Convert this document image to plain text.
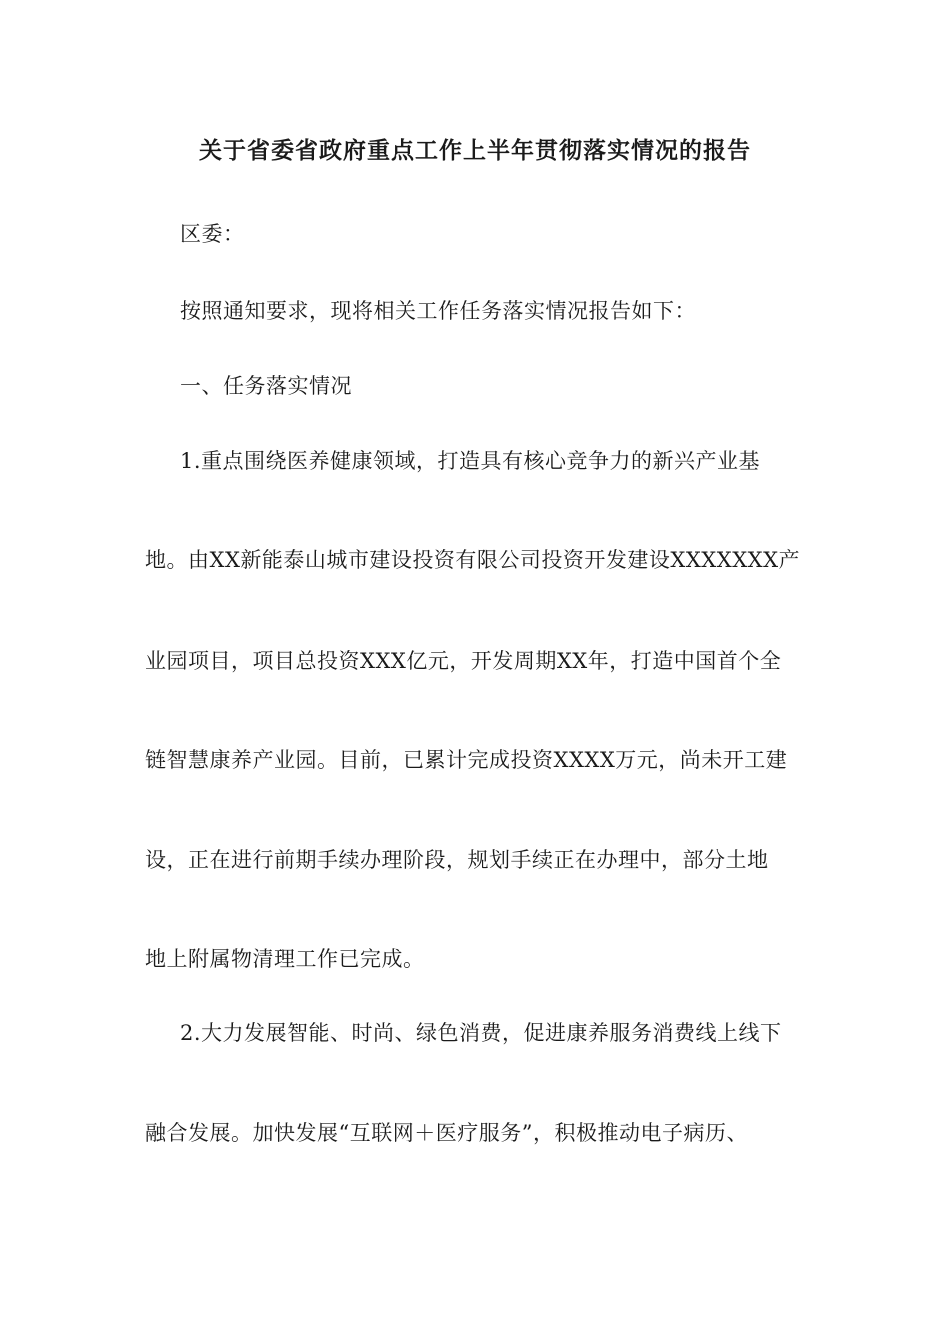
关于省委省政府重点工作上半年贯彻落实情况的报告
区委：
按照通知要求，现将相关工作任务落实情况报告如下：
一、任务落实情况
1.重点围绕医养健康领域，打造具有核心竞争力的新兴产业基
地。由XX新能泰山城市建设投资有限公司投资开发建设XXXXXXX产
业园项目，项目总投资XXX亿元，开发周期XX年，打造中国首个全
链智慧康养产业园。目前，已累计完成投资XXXX万元，尚未开工建
设，正在进行前期手续办理阶段，规划手续正在办理中，部分土地
地上附属物清理工作已完成。
2.大力发展智能、时尚、绿色消费，促进康养服务消费线上线下
融合发展。加快发展“互联网＋医疗服务”，积极推动电子病历、
